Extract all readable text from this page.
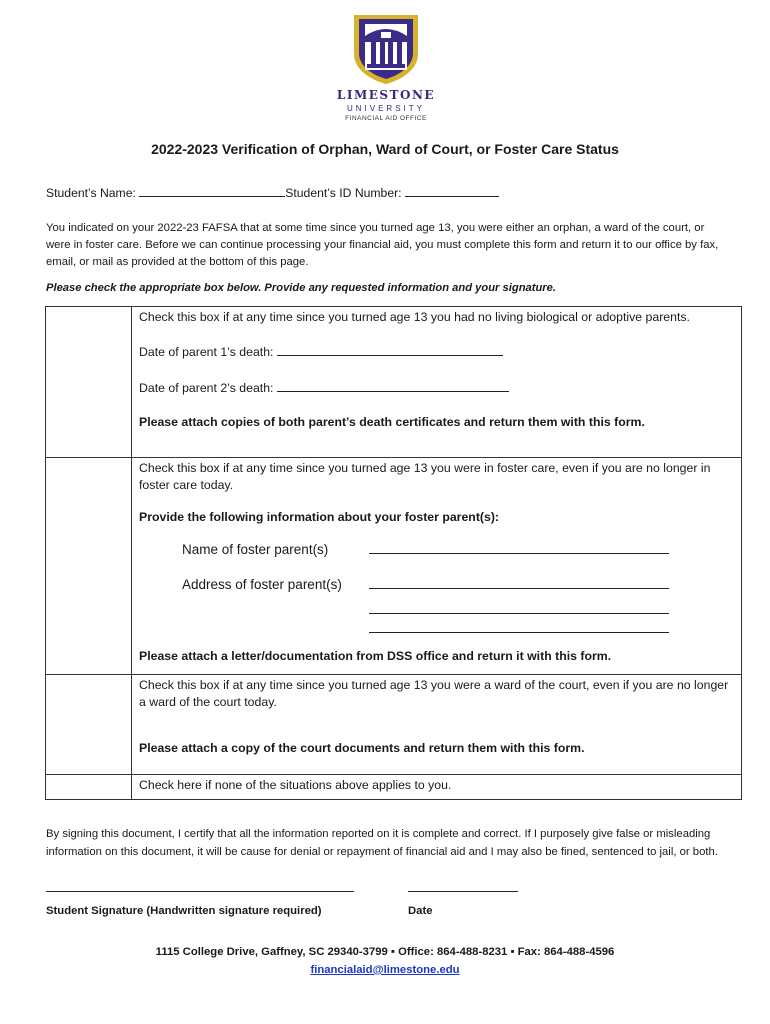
LIMESTONE
UNIVERSITY
FINANCIAL AID OFFICE
2022-2023 Verification of Orphan, Ward of Court, or Foster Care Status
Student’s Name:	Student’s ID Number:
You indicated on your 2022-23 FAFSA that at some time since you turned age 13, you were either an orphan, a ward of the court, or were in foster care. Before we can continue processing your financial aid, you must complete this form and return it to our office by fax, email, or mail as provided at the bottom of this page.
Please check the appropriate box below. Provide any requested information and your signature.
Check this box if at any time since you turned age 13 you had no living biological or adoptive parents.
Date of parent 1’s death:
Date of parent 2’s death:
Please attach copies of both parent’s death certificates and return them with this form.
Check this box if at any time since you turned age 13 you were in foster care, even if you are no longer in foster care today.
Provide the following information about your foster parent(s):
Name of foster parent(s)
Address of foster parent(s)
Please attach a letter/documentation from DSS office and return it with this form.
Check this box if at any time since you turned age 13 you were a ward of the court, even if you are no longer a ward of the court today.
Please attach a copy of the court documents and return them with this form.
Check here if none of the situations above applies to you.
By signing this document, I certify that all the information reported on it is complete and correct. If I purposely give false or misleading information on this document, it will be cause for denial or repayment of financial aid and I may also be fined, sentenced to jail, or both.
Student Signature (Handwritten signature required)	Date
1115 College Drive, Gaffney, SC 29340-3799 ▪ Office: 864-488-8231 ▪ Fax: 864-488-4596
financialaid@limestone.edu
